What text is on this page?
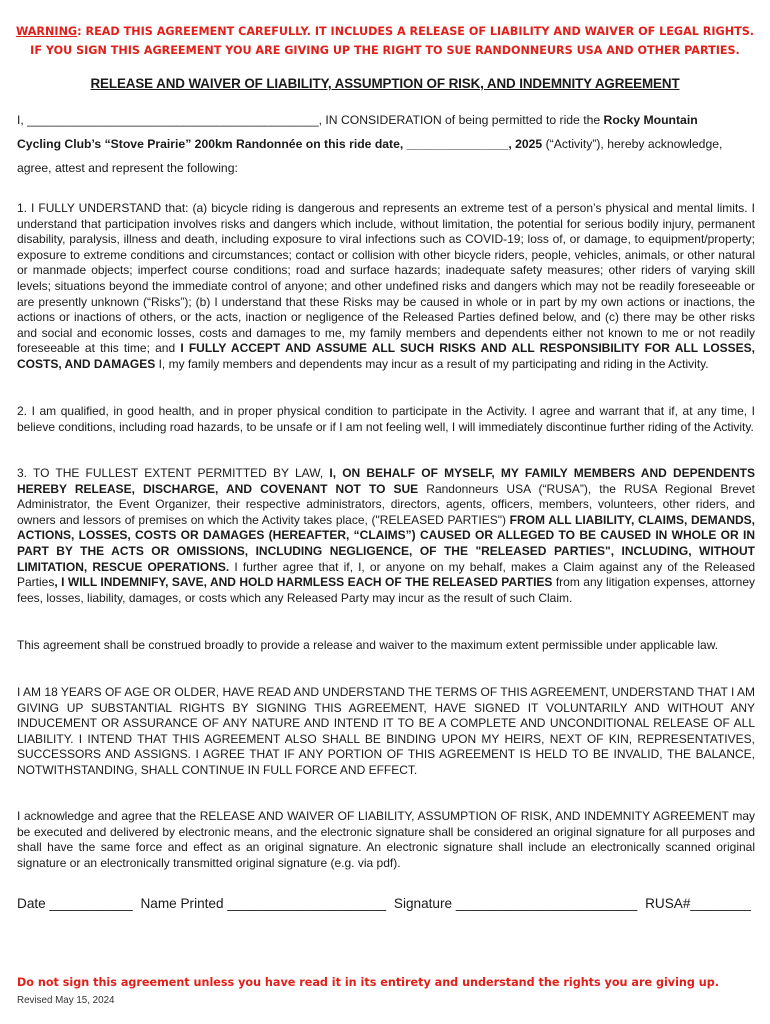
WARNING: READ THIS AGREEMENT CAREFULLY. IT INCLUDES A RELEASE OF LIABILITY AND WAIVER OF LEGAL RIGHTS.
IF YOU SIGN THIS AGREEMENT YOU ARE GIVING UP THE RIGHT TO SUE RANDONNEURS USA AND OTHER PARTIES.
RELEASE AND WAIVER OF LIABILITY, ASSUMPTION OF RISK, AND INDEMNITY AGREEMENT
I, ___________________________________________, IN CONSIDERATION of being permitted to ride the Rocky Mountain
Cycling Club’s “Stove Prairie” 200km Randonnée on this ride date, _______________, 2025 (“Activity”), hereby acknowledge,
agree, attest and represent the following:
1. I FULLY UNDERSTAND that: (a) bicycle riding is dangerous and represents an extreme test of a person’s physical and mental limits. I understand that participation involves risks and dangers which include, without limitation, the potential for serious bodily injury, permanent disability, paralysis, illness and death, including exposure to viral infections such as COVID-19; loss of, or damage, to equipment/property; exposure to extreme conditions and circumstances; contact or collision with other bicycle riders, people, vehicles, animals, or other natural or manmade objects; imperfect course conditions; road and surface hazards; inadequate safety measures; other riders of varying skill levels; situations beyond the immediate control of anyone; and other undefined risks and dangers which may not be readily foreseeable or are presently unknown (“Risks”); (b) I understand that these Risks may be caused in whole or in part by my own actions or inactions, the actions or inactions of others, or the acts, inaction or negligence of the Released Parties defined below, and (c) there may be other risks and social and economic losses, costs and damages to me, my family members and dependents either not known to me or not readily foreseeable at this time; and I FULLY ACCEPT AND ASSUME ALL SUCH RISKS AND ALL RESPONSIBILITY FOR ALL LOSSES, COSTS, AND DAMAGES I, my family members and dependents may incur as a result of my participating and riding in the Activity.
2. I am qualified, in good health, and in proper physical condition to participate in the Activity. I agree and warrant that if, at any time, I believe conditions, including road hazards, to be unsafe or if I am not feeling well, I will immediately discontinue further riding of the Activity.
3. TO THE FULLEST EXTENT PERMITTED BY LAW, I, ON BEHALF OF MYSELF, MY FAMILY MEMBERS AND DEPENDENTS HEREBY RELEASE, DISCHARGE, AND COVENANT NOT TO SUE Randonneurs USA (“RUSA”), the RUSA Regional Brevet Administrator, the Event Organizer, their respective administrators, directors, agents, officers, members, volunteers, other riders, and owners and lessors of premises on which the Activity takes place, ("RELEASED PARTIES") FROM ALL LIABILITY, CLAIMS, DEMANDS, ACTIONS, LOSSES, COSTS OR DAMAGES (HEREAFTER, “CLAIMS”) CAUSED OR ALLEGED TO BE CAUSED IN WHOLE OR IN PART BY THE ACTS OR OMISSIONS, INCLUDING NEGLIGENCE, OF THE "RELEASED PARTIES", INCLUDING, WITHOUT LIMITATION, RESCUE OPERATIONS. I further agree that if, I, or anyone on my behalf, makes a Claim against any of the Released Parties, I WILL INDEMNIFY, SAVE, AND HOLD HARMLESS EACH OF THE RELEASED PARTIES from any litigation expenses, attorney fees, losses, liability, damages, or costs which any Released Party may incur as the result of such Claim.
This agreement shall be construed broadly to provide a release and waiver to the maximum extent permissible under applicable law.
I AM 18 YEARS OF AGE OR OLDER, HAVE READ AND UNDERSTAND THE TERMS OF THIS AGREEMENT, UNDERSTAND THAT I AM GIVING UP SUBSTANTIAL RIGHTS BY SIGNING THIS AGREEMENT, HAVE SIGNED IT VOLUNTARILY AND WITHOUT ANY INDUCEMENT OR ASSURANCE OF ANY NATURE AND INTEND IT TO BE A COMPLETE AND UNCONDITIONAL RELEASE OF ALL LIABILITY. I INTEND THAT THIS AGREEMENT ALSO SHALL BE BINDING UPON MY HEIRS, NEXT OF KIN, REPRESENTATIVES, SUCCESSORS AND ASSIGNS. I AGREE THAT IF ANY PORTION OF THIS AGREEMENT IS HELD TO BE INVALID, THE BALANCE, NOTWITHSTANDING, SHALL CONTINUE IN FULL FORCE AND EFFECT.
I acknowledge and agree that the RELEASE AND WAIVER OF LIABILITY, ASSUMPTION OF RISK, AND INDEMNITY AGREEMENT may be executed and delivered by electronic means, and the electronic signature shall be considered an original signature for all purposes and shall have the same force and effect as an original signature. An electronic signature shall include an electronically scanned original signature or an electronically transmitted original signature (e.g. via pdf).
Date ___________ Name Printed _____________________ Signature ________________________ RUSA#________
Do not sign this agreement unless you have read it in its entirety and understand the rights you are giving up.
Revised May 15, 2024
